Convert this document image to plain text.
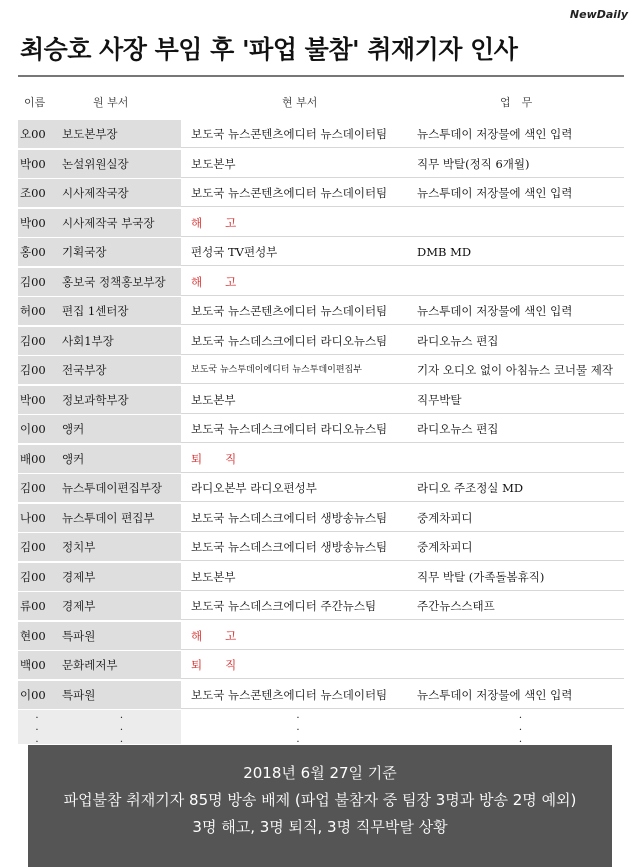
NewDaily
최승호 사장 부임 후 '파업 불참' 취재기자 인사
이름	원 부서	현 부서	업　무
오00	보도본부장	보도국 뉴스콘텐츠에디터 뉴스데이터팀	뉴스투데이 저장물에 색인 입력
박00	논설위원실장	보도본부	직무 박탈(정직 6개월)
조00	시사제작국장	보도국 뉴스콘텐츠에디터 뉴스데이터팀	뉴스투데이 저장물에 색인 입력
박00	시사제작국 부국장	해　　고
홍00	기획국장	편성국 TV편성부	DMB MD
김00	홍보국 정책홍보부장	해　　고
허00	편집 1센터장	보도국 뉴스콘텐츠에디터 뉴스데이터팀	뉴스투데이 저장물에 색인 입력
김00	사회1부장	보도국 뉴스데스크에디터 라디오뉴스팀	라디오뉴스 편집
김00	전국부장	보도국 뉴스투데이에디터 뉴스투데이편집부	기자 오디오 없이 아침뉴스 코너물 제작
박00	정보과학부장	보도본부	직무박탈
이00	앵커	보도국 뉴스데스크에디터 라디오뉴스팀	라디오뉴스 편집
배00	앵커	퇴　　직
김00	뉴스투데이편집부장	라디오본부 라디오편성부	라디오 주조정실 MD
나00	뉴스투데이 편집부	보도국 뉴스데스크에디터 생방송뉴스팀	중계차피디
김00	정치부	보도국 뉴스데스크에디터 생방송뉴스팀	중계차피디
김00	경제부	보도본부	직무 박탈 (가족돌봄휴직)
류00	경제부	보도국 뉴스데스크에디터 주간뉴스팀	주간뉴스스태프
현00	특파원	해　　고
백00	문화레저부	퇴　　직
이00	특파원	보도국 뉴스콘텐츠에디터 뉴스데이터팀	뉴스투데이 저장물에 색인 입력
.
.
.
.
.
.
.
.
.
.
.
.
2018년 6월 27일 기준
파업불참 취재기자 85명 방송 배제 (파업 불참자 중 팀장 3명과 방송 2명 예외)
3명 해고, 3명 퇴직, 3명 직무박탈 상황
